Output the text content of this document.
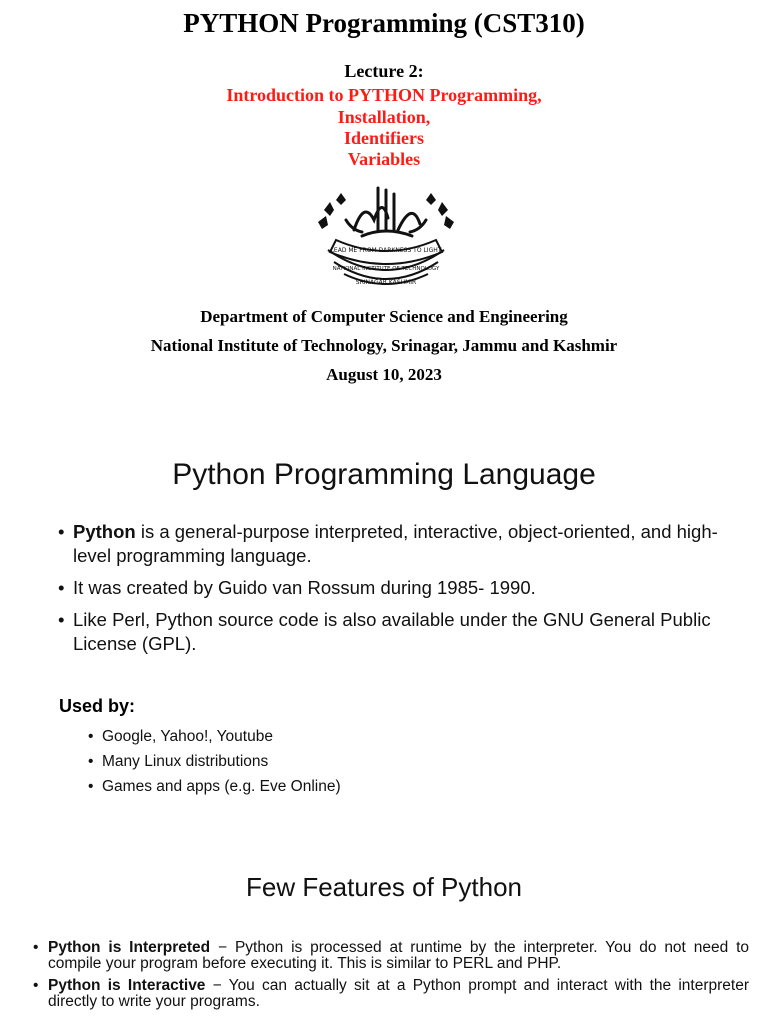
PYTHON Programming (CST310)
Lecture 2:
Introduction to PYTHON Programming,
Installation,
Identifiers
Variables
LEAD ME FROM DARKNESS TO LIGHT
NATIONAL INSTITUTE OF TECHNOLOGY
SRINAGAR KASHMIR
Department of Computer Science and Engineering
National Institute of Technology, Srinagar, Jammu and Kashmir
August 10, 2023
Python Programming Language
• Python is a general-purpose interpreted, interactive, object-oriented, and high-level programming language.
• It was created by Guido van Rossum during 1985- 1990.
• Like Perl, Python source code is also available under the GNU General Public License (GPL).
Used by:
• Google, Yahoo!, Youtube
• Many Linux distributions
• Games and apps (e.g. Eve Online)
Few Features of Python
• Python is Interpreted − Python is processed at runtime by the interpreter. You do not need to compile your program before executing it. This is similar to PERL and PHP.
• Python is Interactive − You can actually sit at a Python prompt and interact with the interpreter directly to write your programs.
